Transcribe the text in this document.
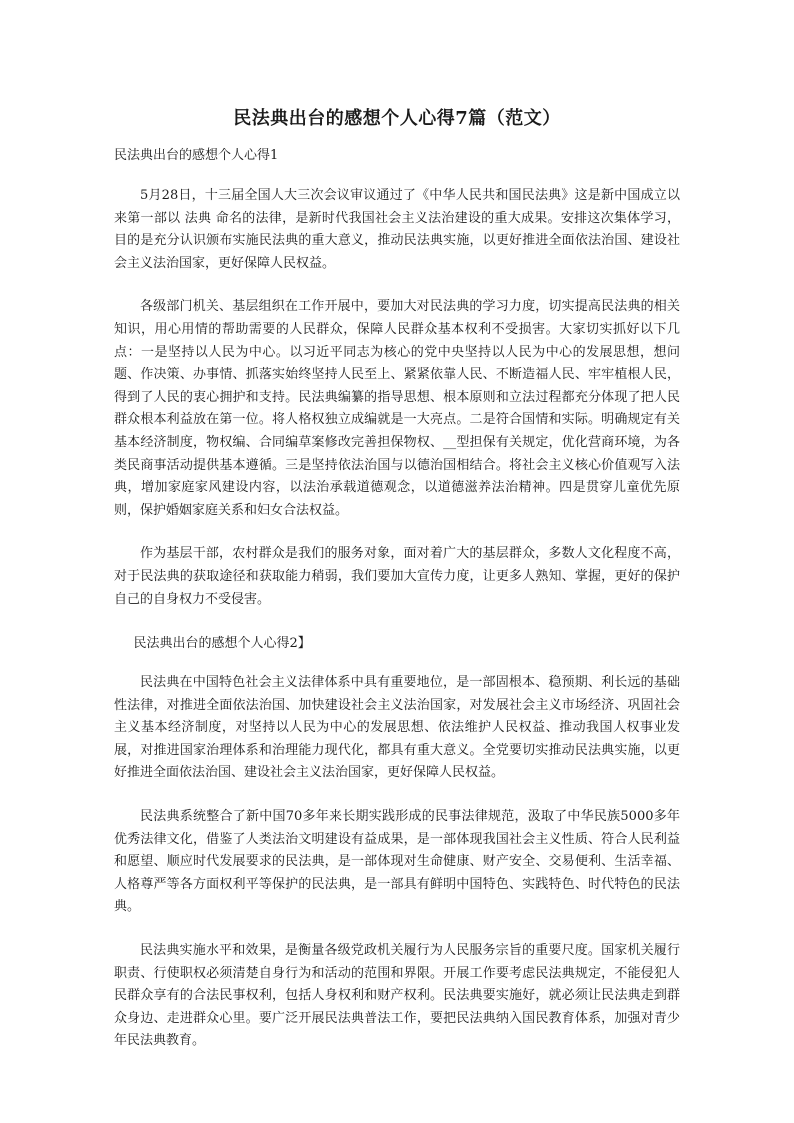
民法典出台的感想个人心得7篇（范文）

民法典出台的感想个人心得1

5月28日，十三届全国人大三次会议审议通过了《中华人民共和国民法典》这是新中国成立以来第一部以 法典 命名的法律，是新时代我国社会主义法治建设的重大成果。安排这次集体学习，目的是充分认识颁布实施民法典的重大意义，推动民法典实施，以更好推进全面依法治国、建设社会主义法治国家，更好保障人民权益。

各级部门机关、基层组织在工作开展中，要加大对民法典的学习力度，切实提高民法典的相关知识，用心用情的帮助需要的人民群众，保障人民群众基本权利不受损害。大家切实抓好以下几点：一是坚持以人民为中心。以习近平同志为核心的党中央坚持以人民为中心的发展思想，想问题、作决策、办事情、抓落实始终坚持人民至上、紧紧依靠人民、不断造福人民、牢牢植根人民，得到了人民的衷心拥护和支持。民法典编纂的指导思想、根本原则和立法过程都充分体现了把人民群众根本利益放在第一位。将人格权独立成编就是一大亮点。二是符合国情和实际。明确规定有关基本经济制度，物权编、合同编草案修改完善担保物权、__型担保有关规定，优化营商环境，为各类民商事活动提供基本遵循。三是坚持依法治国与以德治国相结合。将社会主义核心价值观写入法典，增加家庭家风建设内容，以法治承载道德观念，以道德滋养法治精神。四是贯穿儿童优先原则，保护婚姻家庭关系和妇女合法权益。

作为基层干部，农村群众是我们的服务对象，面对着广大的基层群众，多数人文化程度不高，对于民法典的获取途径和获取能力稍弱，我们要加大宣传力度，让更多人熟知、掌握，更好的保护自己的自身权力不受侵害。

民法典出台的感想个人心得2】

民法典在中国特色社会主义法律体系中具有重要地位，是一部固根本、稳预期、利长远的基础性法律，对推进全面依法治国、加快建设社会主义法治国家，对发展社会主义市场经济、巩固社会主义基本经济制度，对坚持以人民为中心的发展思想、依法维护人民权益、推动我国人权事业发展，对推进国家治理体系和治理能力现代化，都具有重大意义。全党要切实推动民法典实施，以更好推进全面依法治国、建设社会主义法治国家，更好保障人民权益。

民法典系统整合了新中国70多年来长期实践形成的民事法律规范，汲取了中华民族5000多年优秀法律文化，借鉴了人类法治文明建设有益成果，是一部体现我国社会主义性质、符合人民利益和愿望、顺应时代发展要求的民法典，是一部体现对生命健康、财产安全、交易便利、生活幸福、人格尊严等各方面权利平等保护的民法典，是一部具有鲜明中国特色、实践特色、时代特色的民法典。

民法典实施水平和效果，是衡量各级党政机关履行为人民服务宗旨的重要尺度。国家机关履行职责、行使职权必须清楚自身行为和活动的范围和界限。开展工作要考虑民法典规定，不能侵犯人民群众享有的合法民事权利，包括人身权利和财产权利。民法典要实施好，就必须让民法典走到群众身边、走进群众心里。要广泛开展民法典普法工作，要把民法典纳入国民教育体系，加强对青少年民法典教育。
